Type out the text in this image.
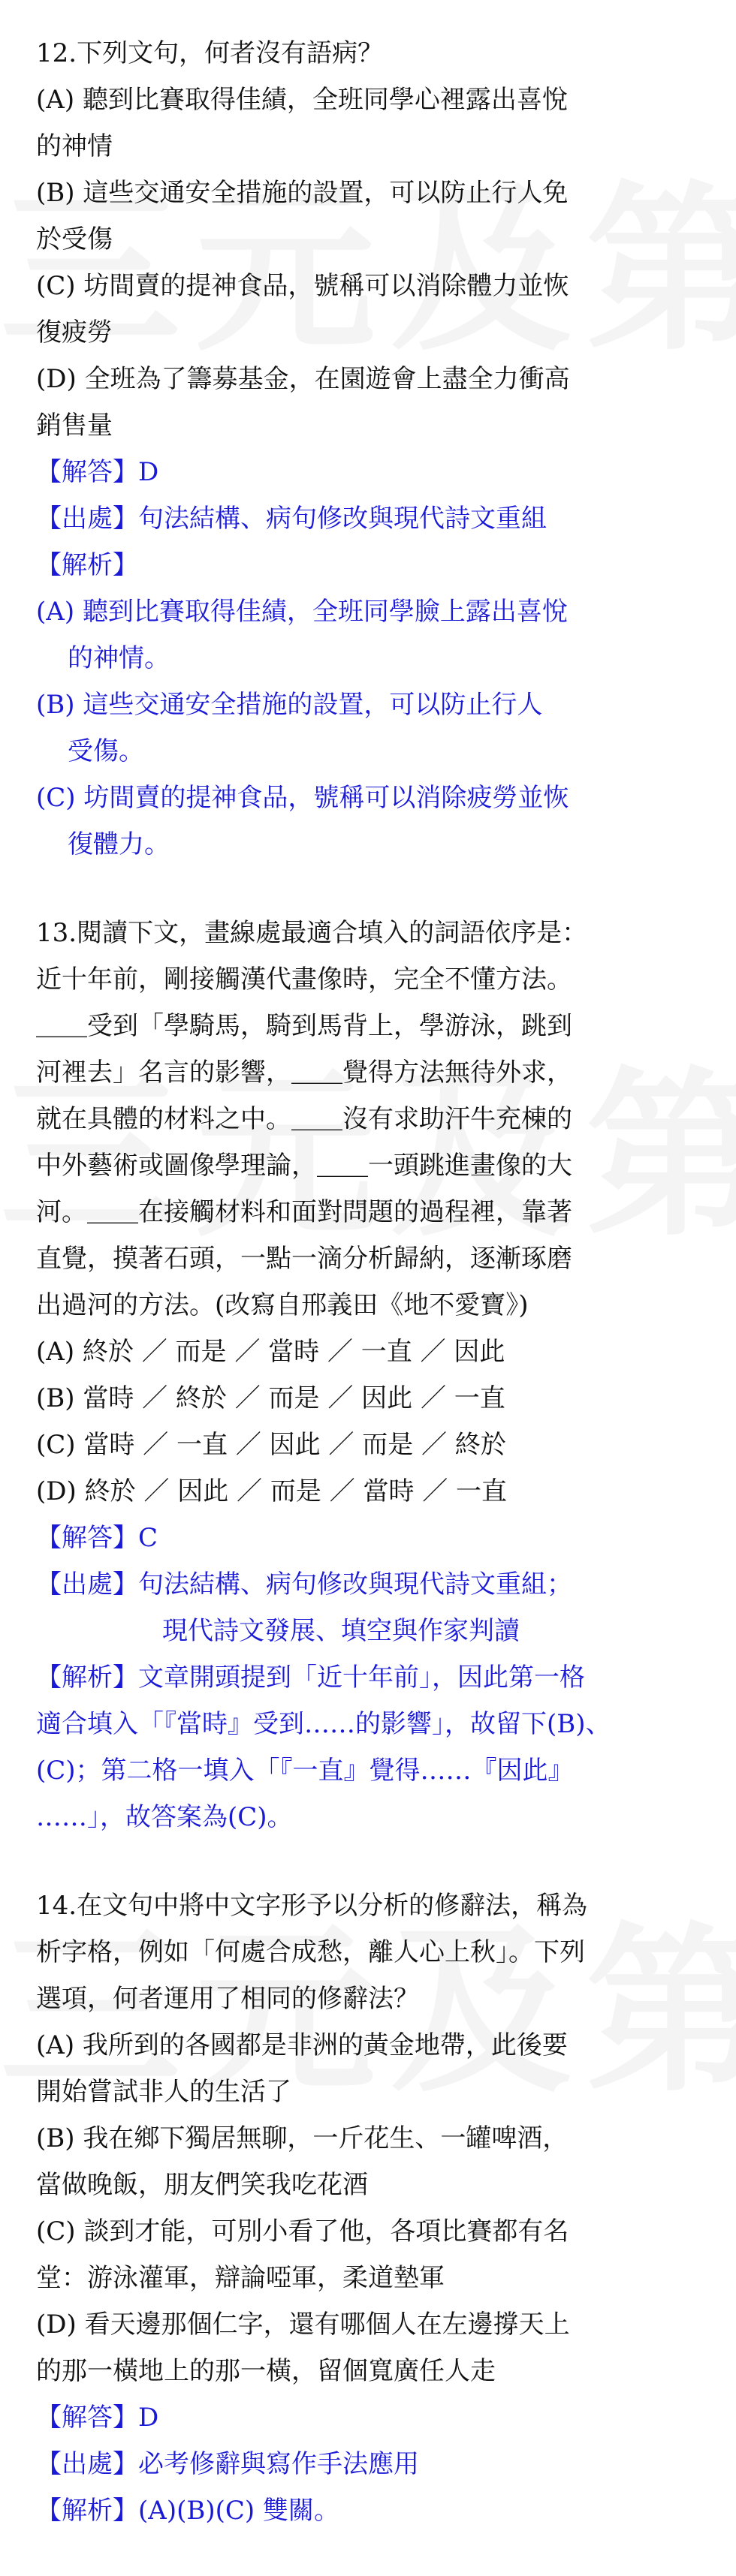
12.下列文句，何者沒有語病？
(A) 聽到比賽取得佳績，全班同學心裡露出喜悅
的神情
(B) 這些交通安全措施的設置，可以防止行人免
於受傷
(C) 坊間賣的提神食品，號稱可以消除體力並恢
復疲勞
(D) 全班為了籌募基金，在園遊會上盡全力衝高
銷售量
【解答】D
【出處】句法結構、病句修改與現代詩文重組
【解析】
(A) 聽到比賽取得佳績，全班同學臉上露出喜悅
的神情。
(B) 這些交通安全措施的設置，可以防止行人
受傷。
(C) 坊間賣的提神食品，號稱可以消除疲勞並恢
復體力。
13.閱讀下文，畫線處最適合填入的詞語依序是：
近十年前，剛接觸漢代畫像時，完全不懂方法。
＿＿受到「學騎馬，騎到馬背上，學游泳，跳到
河裡去」名言的影響，＿＿覺得方法無待外求，
就在具體的材料之中。＿＿沒有求助汗牛充棟的
中外藝術或圖像學理論，＿＿一頭跳進畫像的大
河。＿＿在接觸材料和面對問題的過程裡，靠著
直覺，摸著石頭，一點一滴分析歸納，逐漸琢磨
出過河的方法。(改寫自邢義田《地不愛寶》)
(A) 終於 ／ 而是 ／ 當時 ／ 一直 ／ 因此
(B) 當時 ／ 終於 ／ 而是 ／ 因此 ／ 一直
(C) 當時 ／ 一直 ／ 因此 ／ 而是 ／ 終於
(D) 終於 ／ 因此 ／ 而是 ／ 當時 ／ 一直
【解答】C
【出處】句法結構、病句修改與現代詩文重組；
現代詩文發展、填空與作家判讀
【解析】文章開頭提到「近十年前」，因此第一格
適合填入「『當時』受到……的影響」，故留下(B)、
(C)；第二格一填入「『一直』覺得……『因此』
……」，故答案為(C)。
14.在文句中將中文字形予以分析的修辭法，稱為
析字格，例如「何處合成愁，離人心上秋」。下列
選項，何者運用了相同的修辭法？
(A) 我所到的各國都是非洲的黃金地帶，此後要
開始嘗試非人的生活了
(B) 我在鄉下獨居無聊，一斤花生、一罐啤酒，
當做晚飯，朋友們笑我吃花酒
(C) 談到才能，可別小看了他，各項比賽都有名
堂：游泳灌軍，辯論啞軍，柔道墊軍
(D) 看天邊那個仁字，還有哪個人在左邊撐天上
的那一橫地上的那一橫，留個寬廣任人走
【解答】D
【出處】必考修辭與寫作手法應用
【解析】(A)(B)(C) 雙關。
